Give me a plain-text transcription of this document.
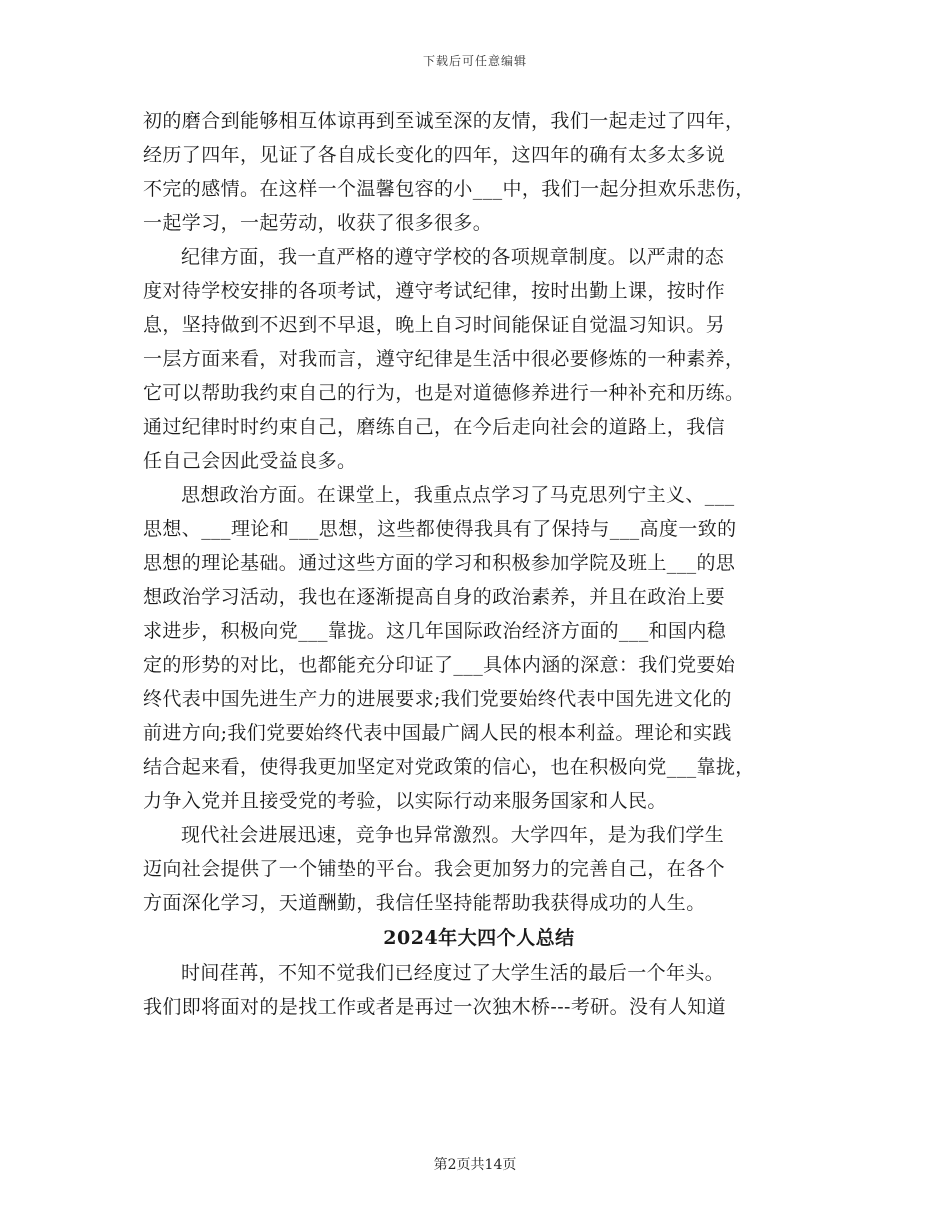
下载后可任意编辑
初的磨合到能够相互体谅再到至诚至深的友情，我们一起走过了四年，
经历了四年，见证了各自成长变化的四年，这四年的确有太多太多说
不完的感情。在这样一个温馨包容的小___中，我们一起分担欢乐悲伤，
一起学习，一起劳动，收获了很多很多。
纪律方面，我一直严格的遵守学校的各项规章制度。以严肃的态
度对待学校安排的各项考试，遵守考试纪律，按时出勤上课，按时作
息，坚持做到不迟到不早退，晚上自习时间能保证自觉温习知识。另
一层方面来看，对我而言，遵守纪律是生活中很必要修炼的一种素养，
它可以帮助我约束自己的行为，也是对道德修养进行一种补充和历练。
通过纪律时时约束自己，磨练自己，在今后走向社会的道路上，我信
任自己会因此受益良多。
思想政治方面。在课堂上，我重点点学习了马克思列宁主义、___
思想、___理论和___思想，这些都使得我具有了保持与___高度一致的
思想的理论基础。通过这些方面的学习和积极参加学院及班上___的思
想政治学习活动，我也在逐渐提高自身的政治素养，并且在政治上要
求进步，积极向党___靠拢。这几年国际政治经济方面的___和国内稳
定的形势的对比，也都能充分印证了___具体内涵的深意：我们党要始
终代表中国先进生产力的进展要求;我们党要始终代表中国先进文化的
前进方向;我们党要始终代表中国最广阔人民的根本利益。理论和实践
结合起来看，使得我更加坚定对党政策的信心，也在积极向党___靠拢，
力争入党并且接受党的考验，以实际行动来服务国家和人民。
现代社会进展迅速，竞争也异常激烈。大学四年，是为我们学生
迈向社会提供了一个铺垫的平台。我会更加努力的完善自己，在各个
方面深化学习，天道酬勤，我信任坚持能帮助我获得成功的人生。
2024年大四个人总结
时间荏苒，不知不觉我们已经度过了大学生活的最后一个年头。
我们即将面对的是找工作或者是再过一次独木桥---考研。没有人知道
第2页共14页
